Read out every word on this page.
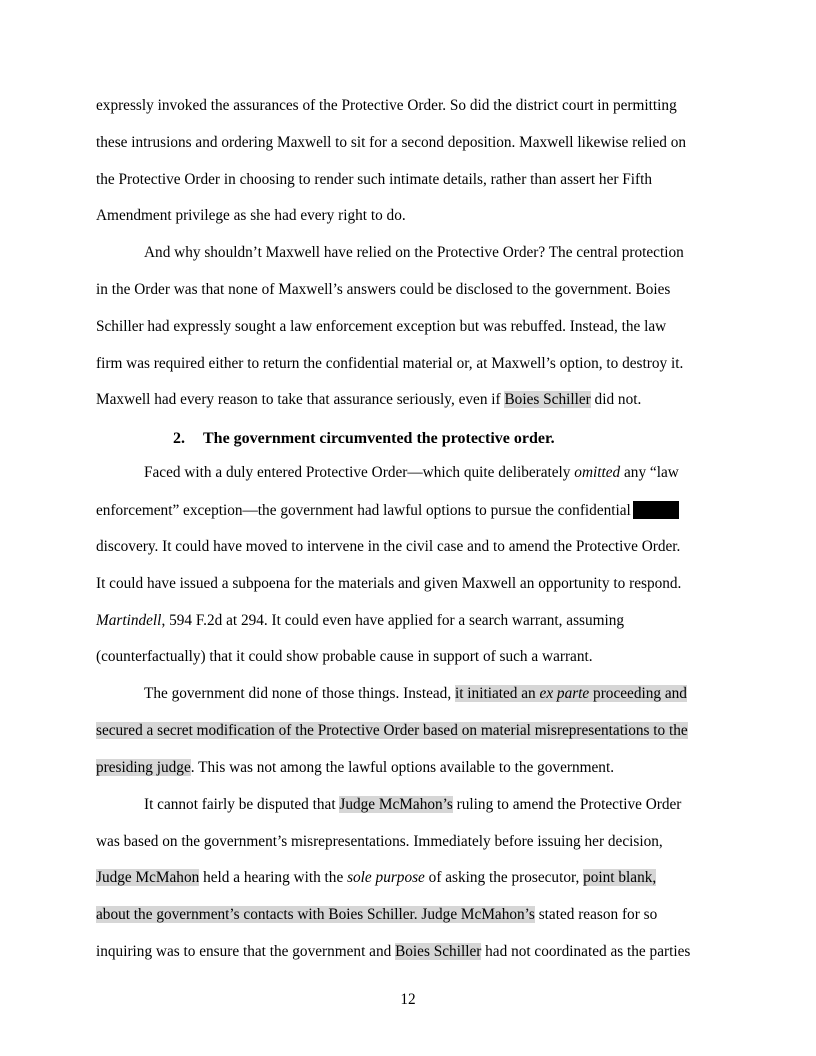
expressly invoked the assurances of the Protective Order. So did the district court in permitting
these intrusions and ordering Maxwell to sit for a second deposition. Maxwell likewise relied on
the Protective Order in choosing to render such intimate details, rather than assert her Fifth
Amendment privilege as she had every right to do.
And why shouldn’t Maxwell have relied on the Protective Order? The central protection
in the Order was that none of Maxwell’s answers could be disclosed to the government. Boies
Schiller had expressly sought a law enforcement exception but was rebuffed. Instead, the law
firm was required either to return the confidential material or, at Maxwell’s option, to destroy it.
Maxwell had every reason to take that assurance seriously, even if Boies Schiller did not.
2. The government circumvented the protective order.
Faced with a duly entered Protective Order—which quite deliberately omitted any “law
enforcement” exception—the government had lawful options to pursue the confidential
discovery. It could have moved to intervene in the civil case and to amend the Protective Order.
It could have issued a subpoena for the materials and given Maxwell an opportunity to respond.
Martindell, 594 F.2d at 294. It could even have applied for a search warrant, assuming
(counterfactually) that it could show probable cause in support of such a warrant.
The government did none of those things. Instead, it initiated an ex parte proceeding and
secured a secret modification of the Protective Order based on material misrepresentations to the
presiding judge. This was not among the lawful options available to the government.
It cannot fairly be disputed that Judge McMahon’s ruling to amend the Protective Order
was based on the government’s misrepresentations. Immediately before issuing her decision,
Judge McMahon held a hearing with the sole purpose of asking the prosecutor, point blank,
about the government’s contacts with Boies Schiller. Judge McMahon’s stated reason for so
inquiring was to ensure that the government and Boies Schiller had not coordinated as the parties
12
